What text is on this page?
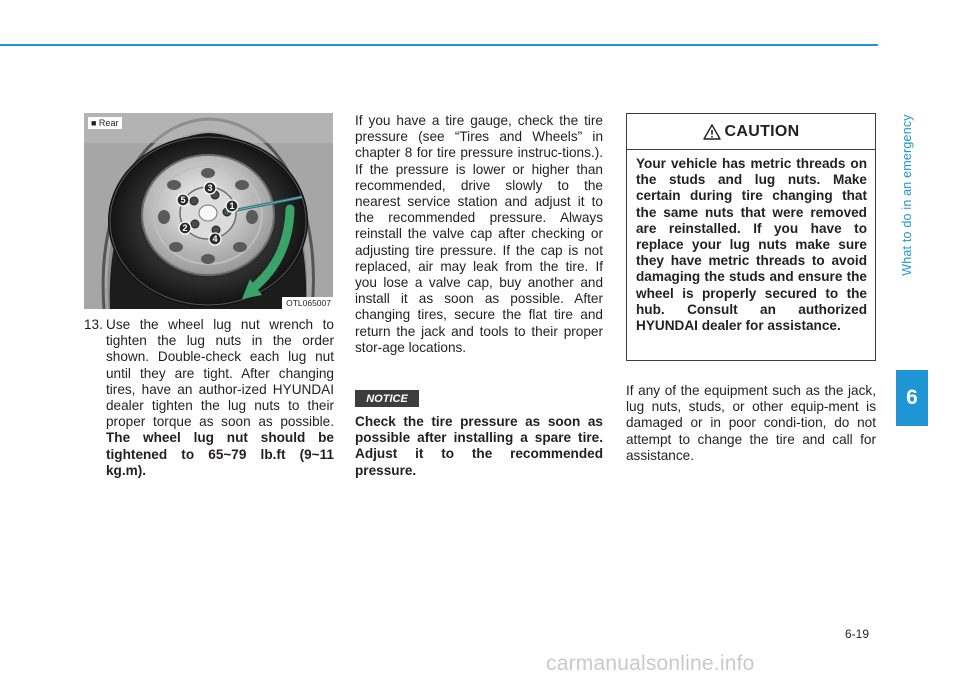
What to do in an emergency
6
1
2
3
4
5
■ Rear
OTL065007
13. Use the wheel lug nut wrench to tighten the lug nuts in the order shown. Double-check each lug nut until they are tight. After changing tires, have an author-ized HYUNDAI dealer tighten the lug nuts to their proper torque as soon as possible. The wheel lug nut should be tightened to 65~79 lb.ft (9~11 kg.m).
If you have a tire gauge, check the tire pressure (see “Tires and Wheels” in chapter 8 for tire pressure instruc-tions.). If the pressure is lower or higher than recommended, drive slowly to the nearest service station and adjust it to the recommended pressure. Always reinstall the valve cap after checking or adjusting tire pressure. If the cap is not replaced, air may leak from the tire. If you lose a valve cap, buy another and install it as soon as possible. After changing tires, secure the flat tire and return the jack and tools to their proper stor-age locations.
NOTICE
Check the tire pressure as soon as possible after installing a spare tire. Adjust it to the recommended pressure.
CAUTION
Your vehicle has metric threads on the studs and lug nuts. Make certain during tire changing that the same nuts that were removed are reinstalled. If you have to replace your lug nuts make sure they have metric threads to avoid damaging the studs and ensure the wheel is properly secured to the hub. Consult an authorized HYUNDAI dealer for assistance.
If any of the equipment such as the jack, lug nuts, studs, or other equip-ment is damaged or in poor condi-tion, do not attempt to change the tire and call for assistance.
6-19
carmanualsonline.info
